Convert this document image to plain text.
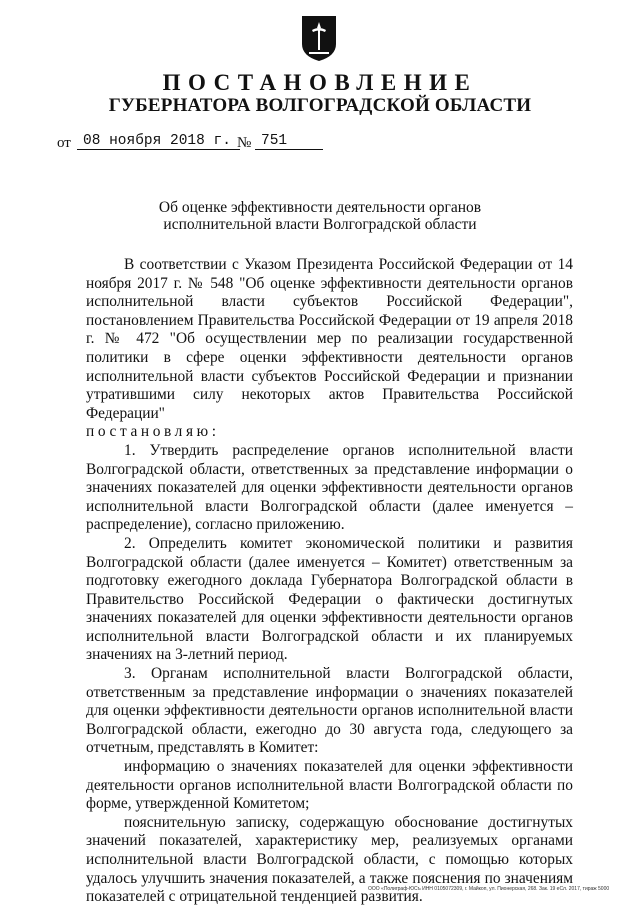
ПОСТАНОВЛЕНИЕ
ГУБЕРНАТОРА ВОЛГОГРАДСКОЙ ОБЛАСТИ
от 08 ноября 2018 г. № 751
Об оценке эффективности деятельности органов
исполнительной власти Волгоградской области

В соответствии с Указом Президента Российской Федерации от 14 ноября 2017 г. № 548 "Об оценке эффективности деятельности органов исполнительной власти субъектов Российской Федерации", постановлением Правительства Российской Федерации от 19 апреля 2018 г. № 472 "Об осуществлении мер по реализации государственной политики в сфере оценки эффективности деятельности органов исполнительной власти субъектов Российской Федерации и признании утратившими силу некоторых актов Правительства Российской Федерации"

постановляю:

1. Утвердить распределение органов исполнительной власти Волгоградской области, ответственных за представление информации о значениях показателей для оценки эффективности деятельности органов исполнительной власти Волгоградской области (далее именуется – распределение), согласно приложению.

2. Определить комитет экономической политики и развития Волгоградской области (далее именуется – Комитет) ответственным за подготовку ежегодного доклада Губернатора Волгоградской области в Правительство Российской Федерации о фактически достигнутых значениях показателей для оценки эффективности деятельности органов исполнительной власти Волгоградской области и их планируемых значениях на 3-летний период.

3. Органам исполнительной власти Волгоградской области, ответственным за представление информации о значениях показателей для оценки эффективности деятельности органов исполнительной власти Волгоградской области, ежегодно до 30 августа года, следующего за отчетным, представлять в Комитет:

информацию о значениях показателей для оценки эффективности деятельности органов исполнительной власти Волгоградской области по форме, утвержденной Комитетом;

пояснительную записку, содержащую обоснование достигнутых значений показателей, характеристику мер, реализуемых органами исполнительной власти Волгоградской области, с помощью которых удалось улучшить значения показателей, а также пояснения по значениям показателей с отрицательной тенденцией развития.

ООО «Полиграф-ЮСъ ИНН 0105072309, г. Майкоп, ул. Пионерская, 268. Зак. 19 еСл. 2017, тираж 5000
